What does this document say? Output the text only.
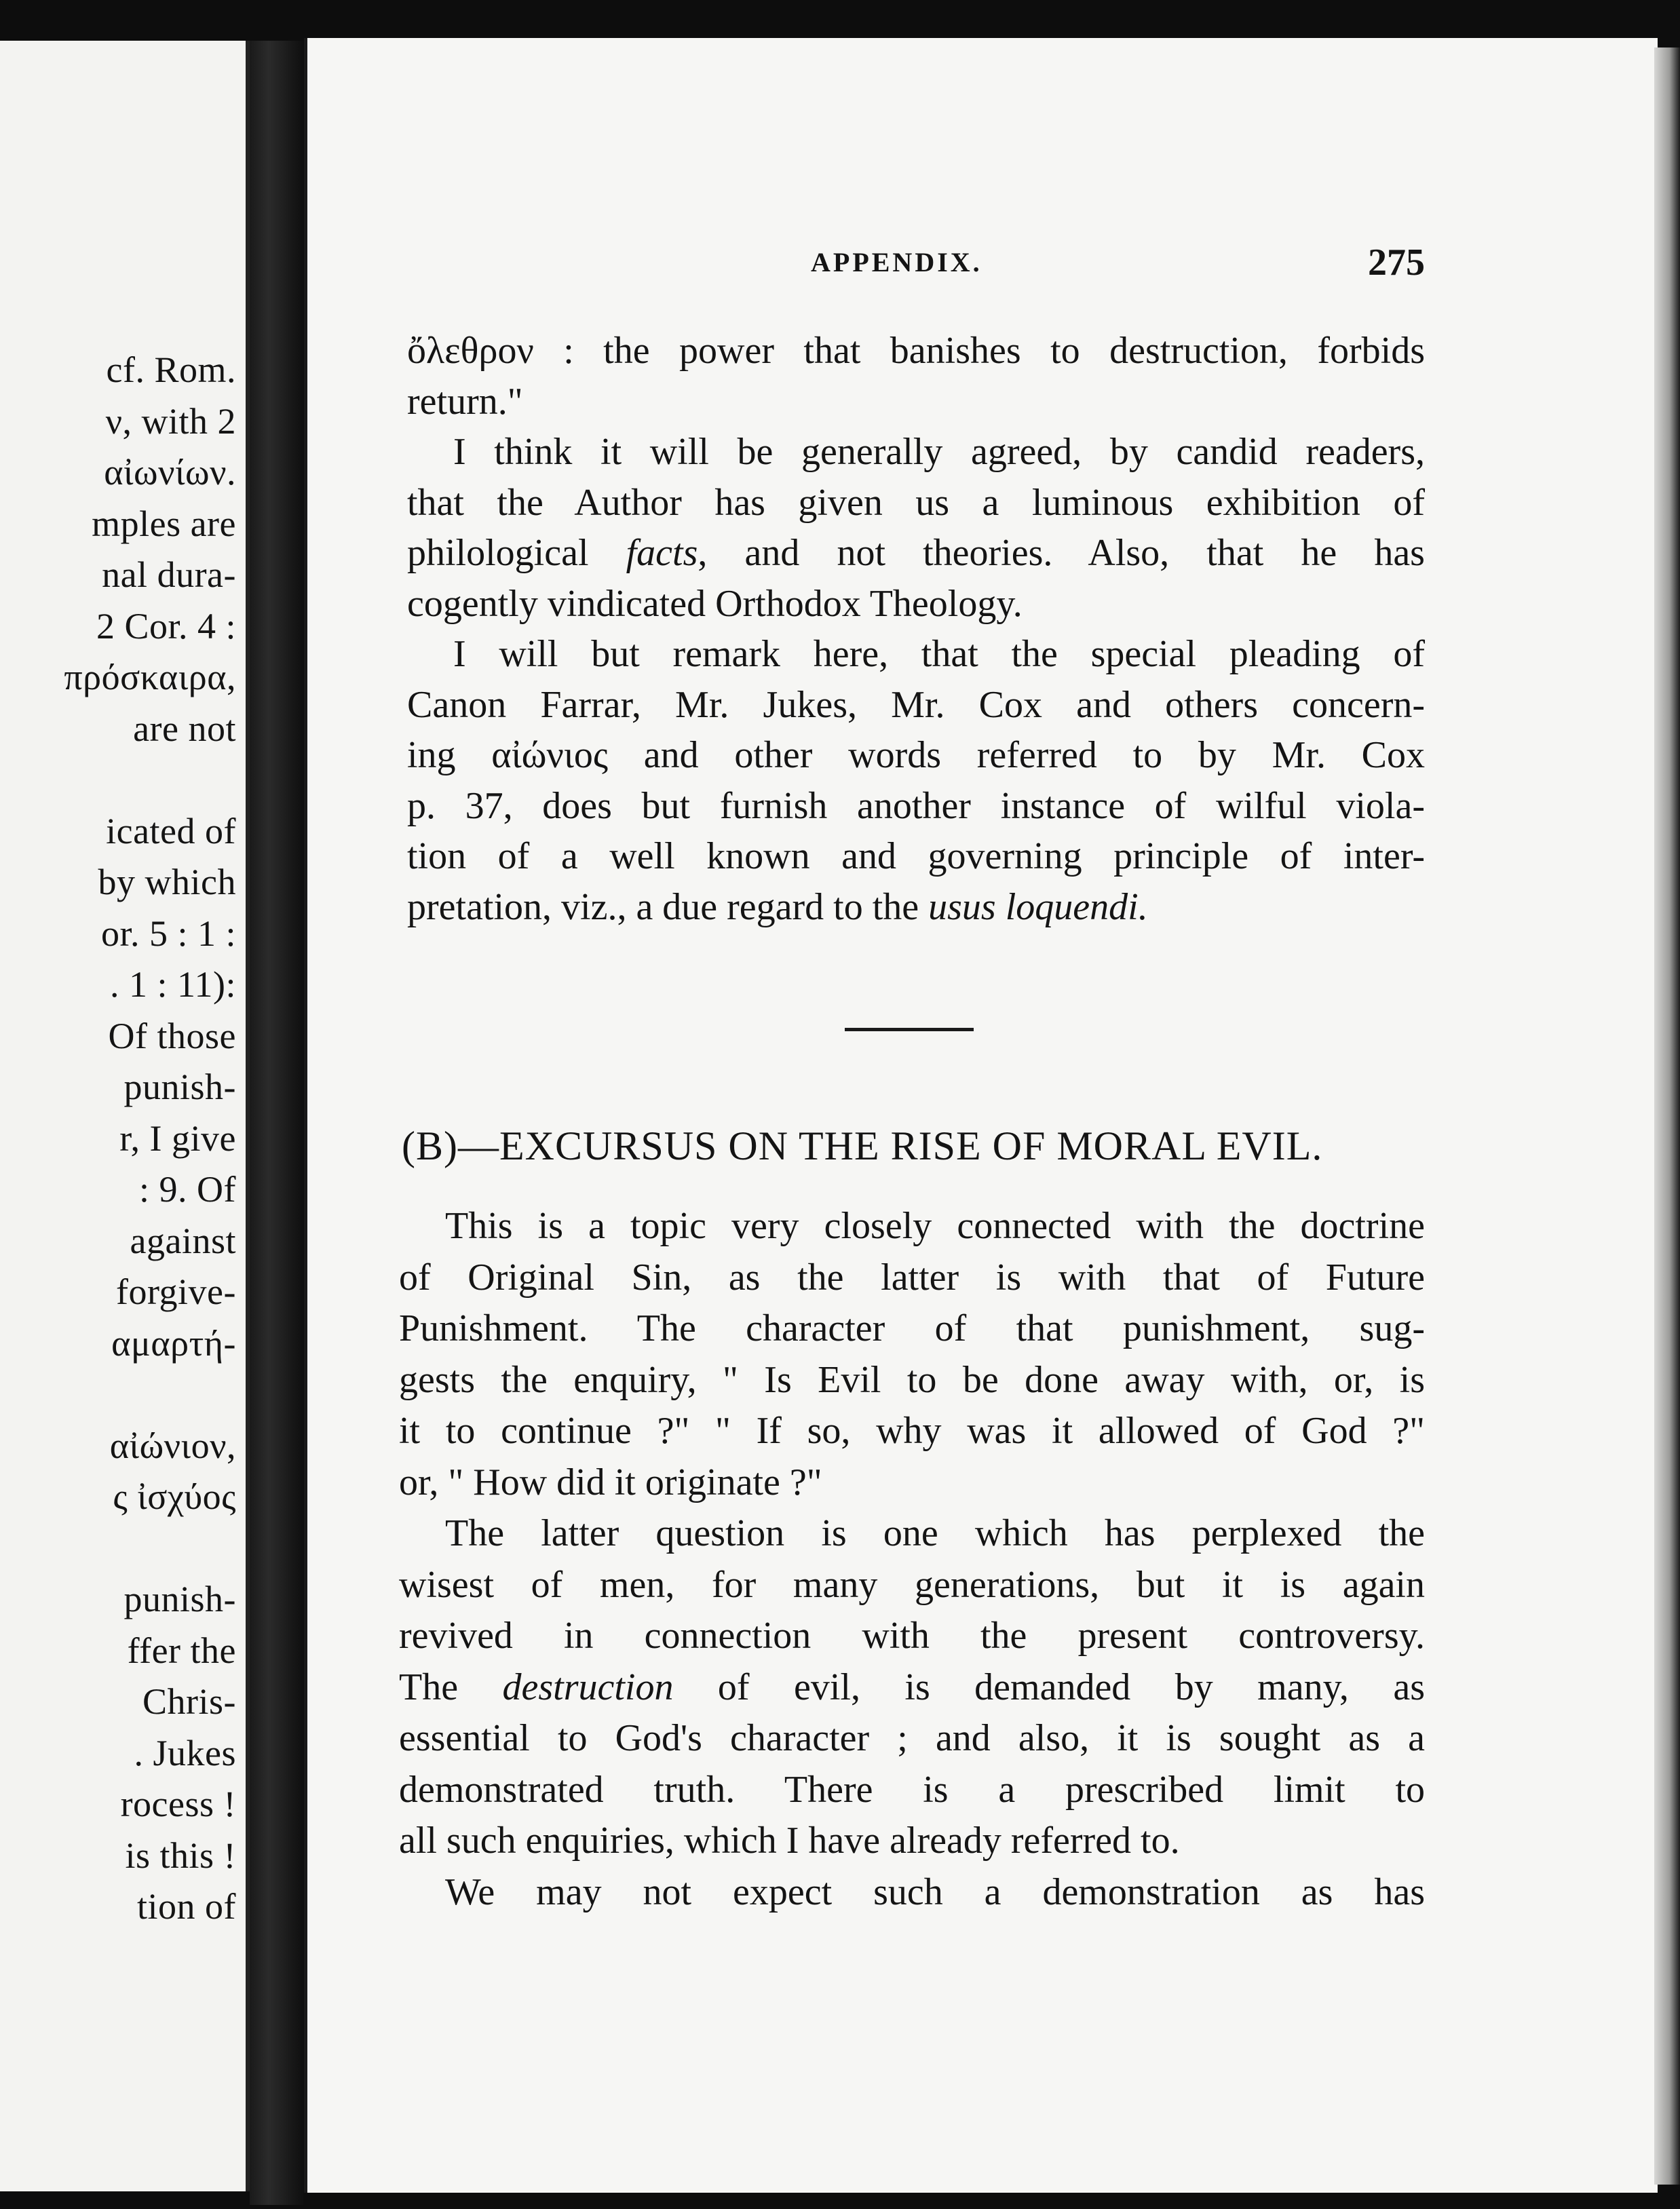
cf. Rom.
ν, with 2
αἰωνίων.
mples are
nal dura-
2 Cor. 4 :
πρόσκαιρα,
are not
icated of
by which
or. 5 : 1 :
. 1 : 11):
Of those
punish-
r, I give
: 9. Of
against
forgive-
αμαρτή-
αἰώνιον,
ς ἰσχύος
punish-
ffer the
Chris-
. Jukes
rocess !
is this !
tion of
APPENDIX.	275
ὄλεθρον : the power that banishes to destruction, forbids
return."
I think it will be generally agreed, by candid readers,
that the Author has given us a luminous exhibition of
philological facts, and not theories. Also, that he has
cogently vindicated Orthodox Theology.
I will but remark here, that the special pleading of
Canon Farrar, Mr. Jukes, Mr. Cox and others concern-
ing αἰώνιος and other words referred to by Mr. Cox
p. 37, does but furnish another instance of wilful viola-
tion of a well known and governing principle of inter-
pretation, viz., a due regard to the usus loquendi.
(B)—EXCURSUS ON THE RISE OF MORAL EVIL.
This is a topic very closely connected with the doctrine
of Original Sin, as the latter is with that of Future
Punishment. The character of that punishment, sug-
gests the enquiry, " Is Evil to be done away with, or, is
it to continue ?" " If so, why was it allowed of God ?"
or, " How did it originate ?"
The latter question is one which has perplexed the
wisest of men, for many generations, but it is again
revived in connection with the present controversy.
The destruction of evil, is demanded by many, as
essential to God's character ; and also, it is sought as a
demonstrated truth. There is a prescribed limit to
all such enquiries, which I have already referred to.
We may not expect such a demonstration as has
